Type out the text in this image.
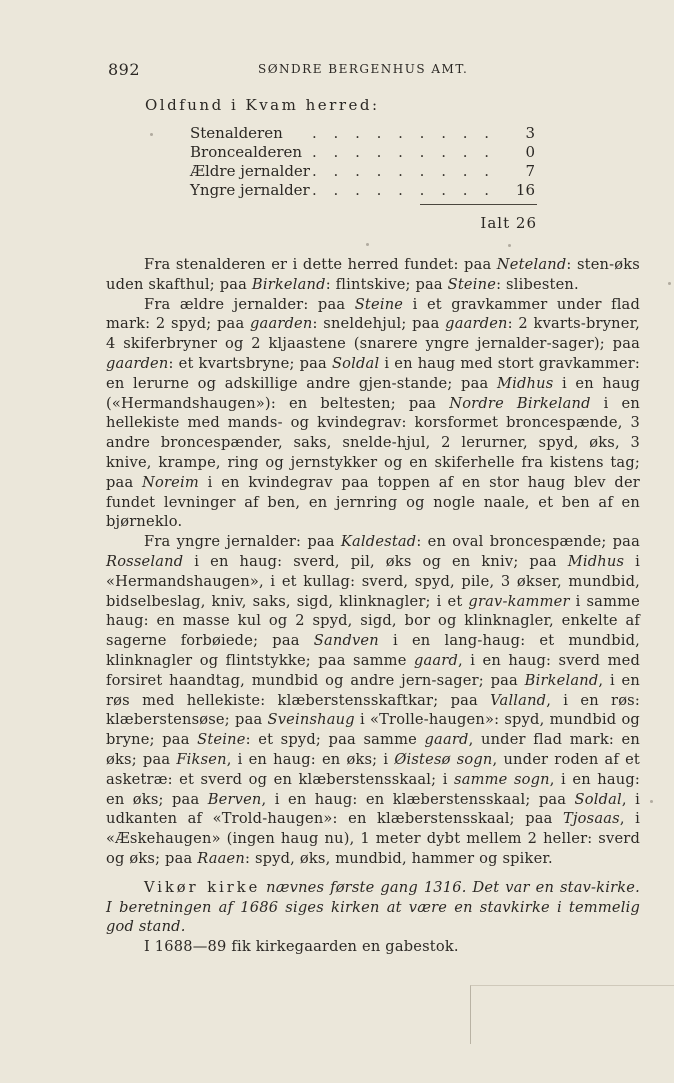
892	SØNDRE BERGENHUS AMT.
Oldfund i Kvam herred:
Stenalderen . . . . . . . . . 3
Broncealderen . . . . . . . . . 0
Ældre jernalder . . . . . . . . . 7
Yngre jernalder . . . . . . . . . 16
Ialt 26

Fra stenalderen er i dette herred fundet: paa Neteland: sten-øks uden skafthul; paa Birkeland: flintskive; paa Steine: slibesten.

Fra ældre jernalder: paa Steine i et gravkammer under flad mark: 2 spyd; paa gaarden: sneldehjul; paa gaarden: 2 kvarts-bryner, 4 skiferbryner og 2 kljaastene (snarere yngre jernalder-sager); paa gaarden: et kvartsbryne; paa Soldal i en haug med stort gravkammer: en lerurne og adskillige andre gjen-stande; paa Midhus i en haug («Hermandshaugen»): en beltesten; paa Nordre Birkeland i en hellekiste med mands- og kvindegrav: korsformet broncespænde, 3 andre broncespænder, saks, snelde-hjul, 2 lerurner, spyd, øks, 3 knive, krampe, ring og jernstykker og en skiferhelle fra kistens tag; paa Noreim i en kvindegrav paa toppen af en stor haug blev der fundet levninger af ben, en jernring og nogle naale, et ben af en bjørneklo.

Fra yngre jernalder: paa Kaldestad: en oval broncespænde; paa Rosseland i en haug: sverd, pil, øks og en kniv; paa Midhus i «Hermandshaugen», i et kullag: sverd, spyd, pile, 3 økser, mundbid, bidselbeslag, kniv, saks, sigd, klinknagler; i et grav-kammer i samme haug: en masse kul og 2 spyd, sigd, bor og klinknagler, enkelte af sagerne forbøiede; paa Sandven i en lang-haug: et mundbid, klinknagler og flintstykke; paa samme gaard, i en haug: sverd med forsiret haandtag, mundbid og andre jern-sager; paa Birkeland, i en røs med hellekiste: klæberstensskaftkar; paa Valland, i en røs: klæberstensøse; paa Sveinshaug i «Trolle-haugen»: spyd, mundbid og bryne; paa Steine: et spyd; paa samme gaard, under flad mark: en øks; paa Fiksen, i en haug: en øks; i Øistesø sogn, under roden af et asketræ: et sverd og en klæberstensskaal; i samme sogn, i en haug: en øks; paa Berven, i en haug: en klæberstensskaal; paa Soldal, i udkanten af «Trold-haugen»: en klæberstensskaal; paa Tjosaas, i «Æskehaugen» (ingen haug nu), 1 meter dybt mellem 2 heller: sverd og øks; paa Raaen: spyd, øks, mundbid, hammer og spiker.

Vikør kirke nævnes første gang 1316. Det var en stav-kirke. I beretningen af 1686 siges kirken at være en stavkirke i temmelig god stand.

I 1688—89 fik kirkegaarden en gabestok.
